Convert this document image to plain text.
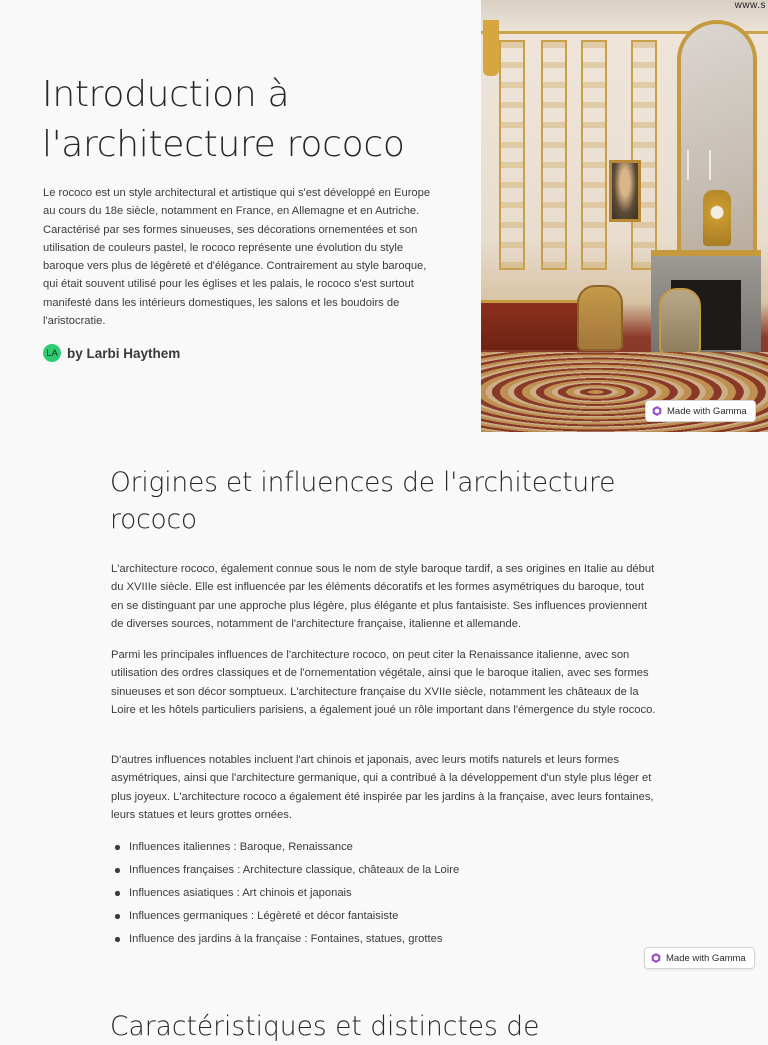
Introduction à l'architecture rococo

Le rococo est un style architectural et artistique qui s'est développé en Europe au cours du 18e siècle, notamment en France, en Allemagne et en Autriche. Caractérisé par ses formes sinueuses, ses décorations ornementées et son utilisation de couleurs pastel, le rococo représente une évolution du style baroque vers plus de légèreté et d'élégance. Contrairement au style baroque, qui était souvent utilisé pour les églises et les palais, le rococo s'est surtout manifesté dans les intérieurs domestiques, les salons et les boudoirs de l'aristocratie.

LA by Larbi Haythem
www.s
Made with Gamma
Origines et influences de l'architecture rococo

L'architecture rococo, également connue sous le nom de style baroque tardif, a ses origines en Italie au début du XVIIIe siècle. Elle est influencée par les éléments décoratifs et les formes asymétriques du baroque, tout en se distinguant par une approche plus légère, plus élégante et plus fantaisiste. Ses influences proviennent de diverses sources, notamment de l'architecture française, italienne et allemande.

Parmi les principales influences de l'architecture rococo, on peut citer la Renaissance italienne, avec son utilisation des ordres classiques et de l'ornementation végétale, ainsi que le baroque italien, avec ses formes sinueuses et son décor somptueux. L'architecture française du XVIIe siècle, notamment les châteaux de la Loire et les hôtels particuliers parisiens, a également joué un rôle important dans l'émergence du style rococo.

D'autres influences notables incluent l'art chinois et japonais, avec leurs motifs naturels et leurs formes asymétriques, ainsi que l'architecture germanique, qui a contribué à la développement d'un style plus léger et plus joyeux. L'architecture rococo a également été inspirée par les jardins à la française, avec leurs fontaines, leurs statues et leurs grottes ornées.

Influences italiennes : Baroque, Renaissance
Influences françaises : Architecture classique, châteaux de la Loire
Influences asiatiques : Art chinois et japonais
Influences germaniques : Légèreté et décor fantaisiste
Influence des jardins à la française : Fontaines, statues, grottes
Made with Gamma
Caractéristiques et distinctes de
